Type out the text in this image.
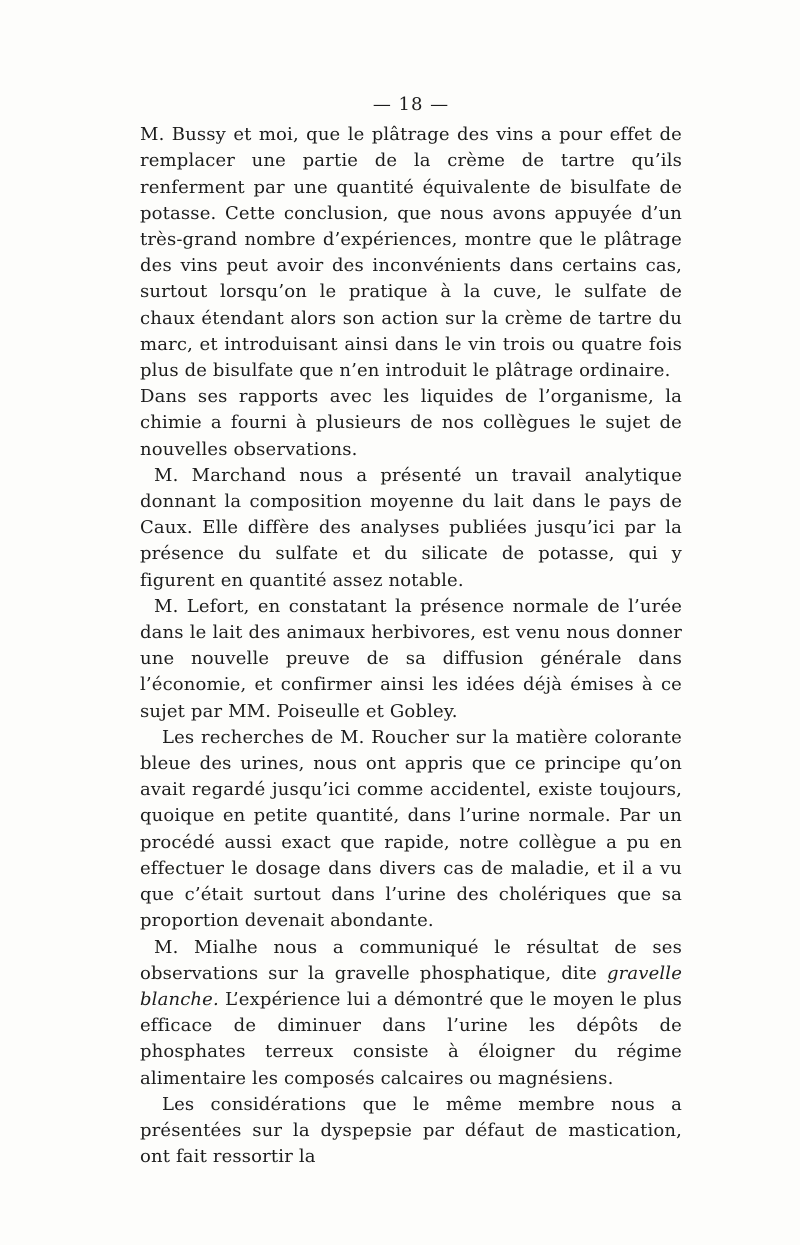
— 18 —

M. Bussy et moi, que le plâtrage des vins a pour effet de remplacer une partie de la crème de tartre qu’ils renferment par une quantité équivalente de bisulfate de potasse. Cette conclusion, que nous avons appuyée d’un très-grand nombre d’expériences, montre que le plâtrage des vins peut avoir des inconvénients dans certains cas, surtout lorsqu’on le pratique à la cuve, le sulfate de chaux étendant alors son action sur la crème de tartre du marc, et introduisant ainsi dans le vin trois ou quatre fois plus de bisulfate que n’en introduit le plâtrage ordinaire.

Dans ses rapports avec les liquides de l’organisme, la chimie a fourni à plusieurs de nos collègues le sujet de nouvelles observations.

M. Marchand nous a présenté un travail analytique donnant la composition moyenne du lait dans le pays de Caux. Elle diffère des analyses publiées jusqu’ici par la présence du sulfate et du silicate de potasse, qui y figurent en quantité assez notable.

M. Lefort, en constatant la présence normale de l’urée dans le lait des animaux herbivores, est venu nous donner une nouvelle preuve de sa diffusion générale dans l’économie, et confirmer ainsi les idées déjà émises à ce sujet par MM. Poiseulle et Gobley.

Les recherches de M. Roucher sur la matière colorante bleue des urines, nous ont appris que ce principe qu’on avait regardé jusqu’ici comme accidentel, existe toujours, quoique en petite quantité, dans l’urine normale. Par un procédé aussi exact que rapide, notre collègue a pu en effectuer le dosage dans divers cas de maladie, et il a vu que c’était surtout dans l’urine des cholériques que sa proportion devenait abondante.

M. Mialhe nous a communiqué le résultat de ses observations sur la gravelle phosphatique, dite gravelle blanche. L’expérience lui a démontré que le moyen le plus efficace de diminuer dans l’urine les dépôts de phosphates terreux consiste à éloigner du régime alimentaire les composés calcaires ou magnésiens.

Les considérations que le même membre nous a présentées sur la dyspepsie par défaut de mastication, ont fait ressortir la
